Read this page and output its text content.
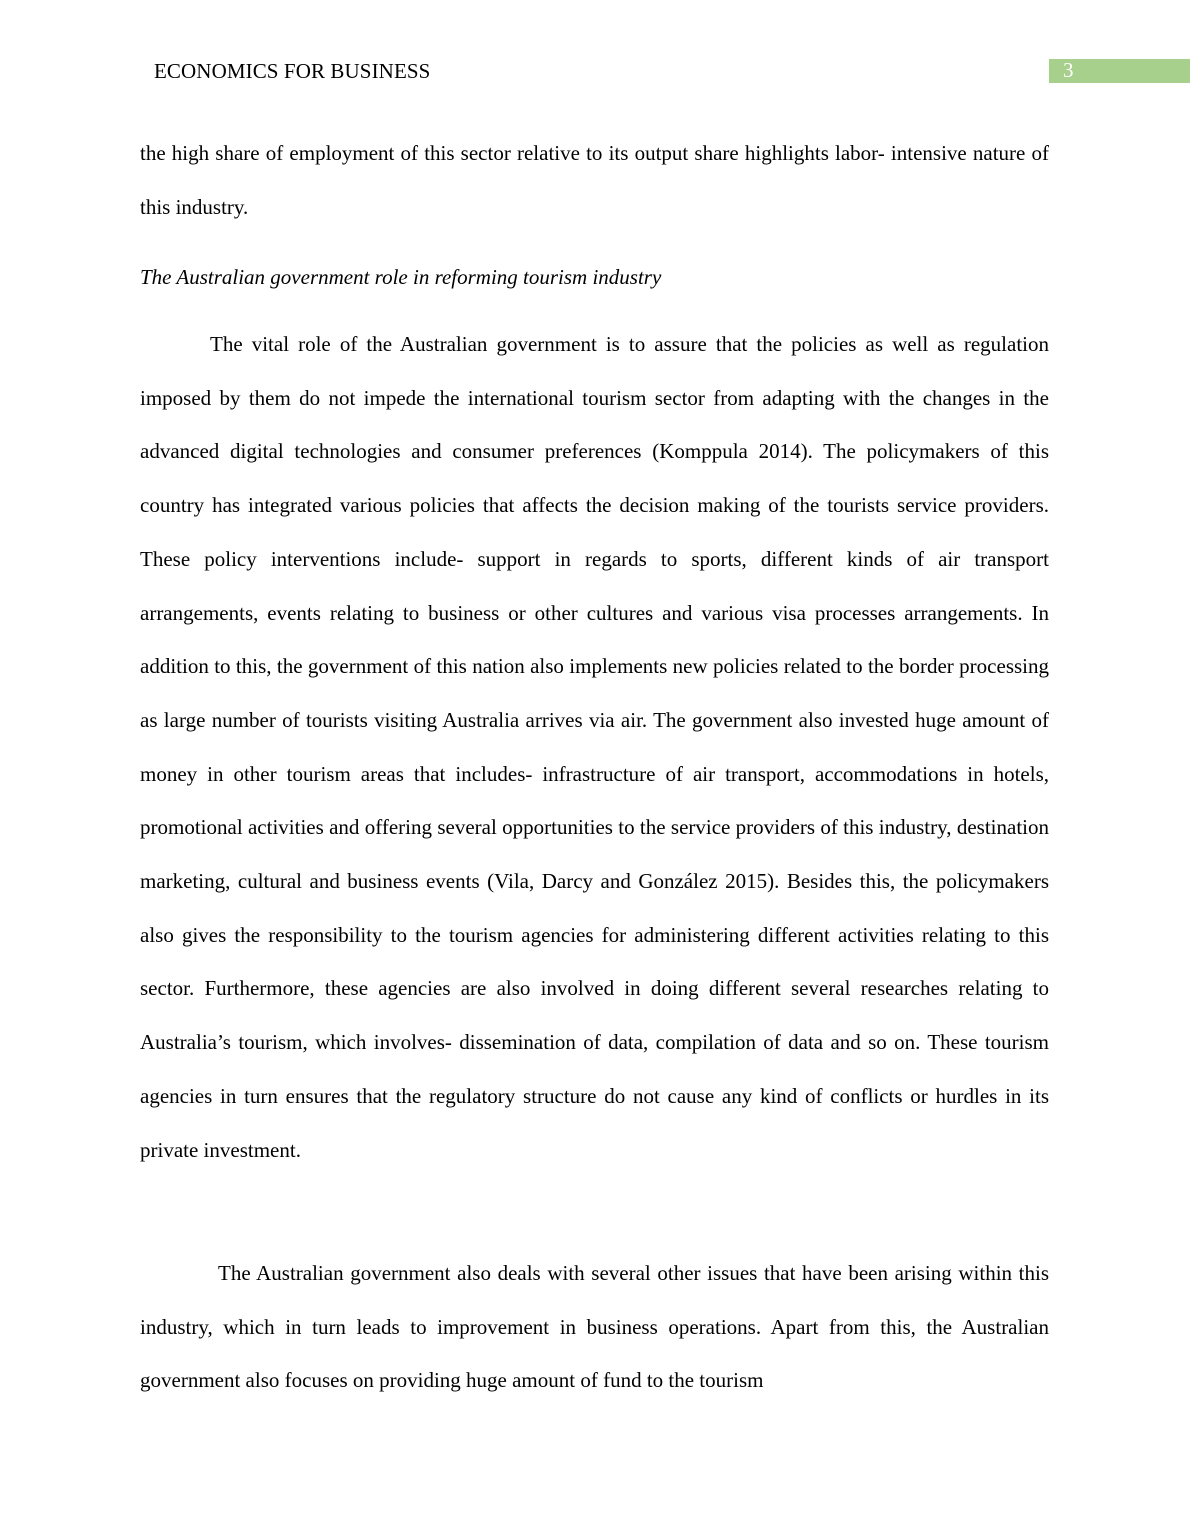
ECONOMICS FOR BUSINESS	3

the high share of employment of this sector relative to its output share highlights labor- intensive nature of this industry.

The Australian government role in reforming tourism industry

The vital role of the Australian government is to assure that the policies as well as regulation imposed by them do not impede the international tourism sector from adapting with the changes in the advanced digital technologies and consumer preferences (Komppula 2014). The policymakers of this country has integrated various policies that affects the decision making of the tourists service providers. These policy interventions include- support in regards to sports, different kinds of air transport arrangements, events relating to business or other cultures and various visa processes arrangements. In addition to this, the government of this nation also implements new policies related to the border processing as large number of tourists visiting Australia arrives via air. The government also invested huge amount of money in other tourism areas that includes- infrastructure of air transport, accommodations in hotels, promotional activities and offering several opportunities to the service providers of this industry, destination marketing, cultural and business events (Vila, Darcy and González 2015). Besides this, the policymakers also gives the responsibility to the tourism agencies for administering different activities relating to this sector. Furthermore, these agencies are also involved in doing different several researches relating to Australia’s tourism, which involves- dissemination of data, compilation of data and so on. These tourism agencies in turn ensures that the regulatory structure do not cause any kind of conflicts or hurdles in its private investment.

The Australian government also deals with several other issues that have been arising within this industry, which in turn leads to improvement in business operations. Apart from this, the Australian government also focuses on providing huge amount of fund to the tourism
